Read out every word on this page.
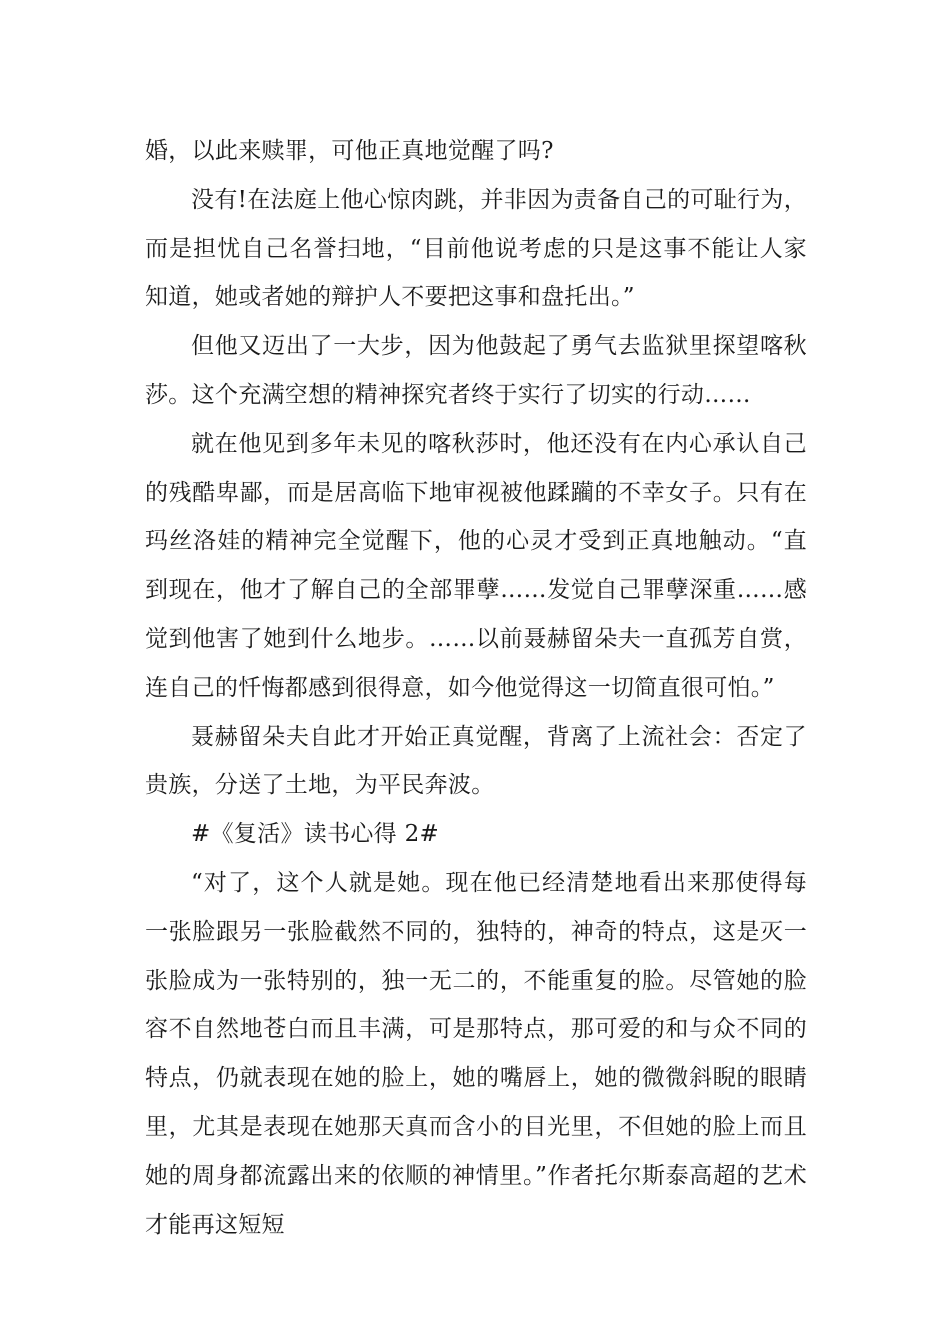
婚，以此来赎罪，可他正真地觉醒了吗?

没有!在法庭上他心惊肉跳，并非因为责备自己的可耻行为，而是担忧自己名誉扫地，“目前他说考虑的只是这事不能让人家知道，她或者她的辩护人不要把这事和盘托出。”

但他又迈出了一大步，因为他鼓起了勇气去监狱里探望喀秋莎。这个充满空想的精神探究者终于实行了切实的行动……

就在他见到多年未见的喀秋莎时，他还没有在内心承认自己的残酷卑鄙，而是居高临下地审视被他蹂躏的不幸女子。只有在玛丝洛娃的精神完全觉醒下，他的心灵才受到正真地触动。“直到现在，他才了解自己的全部罪孽……发觉自己罪孽深重……感觉到他害了她到什么地步。……以前聂赫留朵夫一直孤芳自赏，连自己的忏悔都感到很得意，如今他觉得这一切简直很可怕。”

聂赫留朵夫自此才开始正真觉醒，背离了上流社会：否定了贵族，分送了土地，为平民奔波。

#《复活》读书心得 2#

“对了，这个人就是她。现在他已经清楚地看出来那使得每一张脸跟另一张脸截然不同的，独特的，神奇的特点，这是灭一张脸成为一张特别的，独一无二的，不能重复的脸。尽管她的脸容不自然地苍白而且丰满，可是那特点，那可爱的和与众不同的特点，仍就表现在她的脸上，她的嘴唇上，她的微微斜睨的眼睛里，尤其是表现在她那天真而含小的目光里，不但她的脸上而且她的周身都流露出来的依顺的神情里。”作者托尔斯泰高超的艺术才能再这短短
